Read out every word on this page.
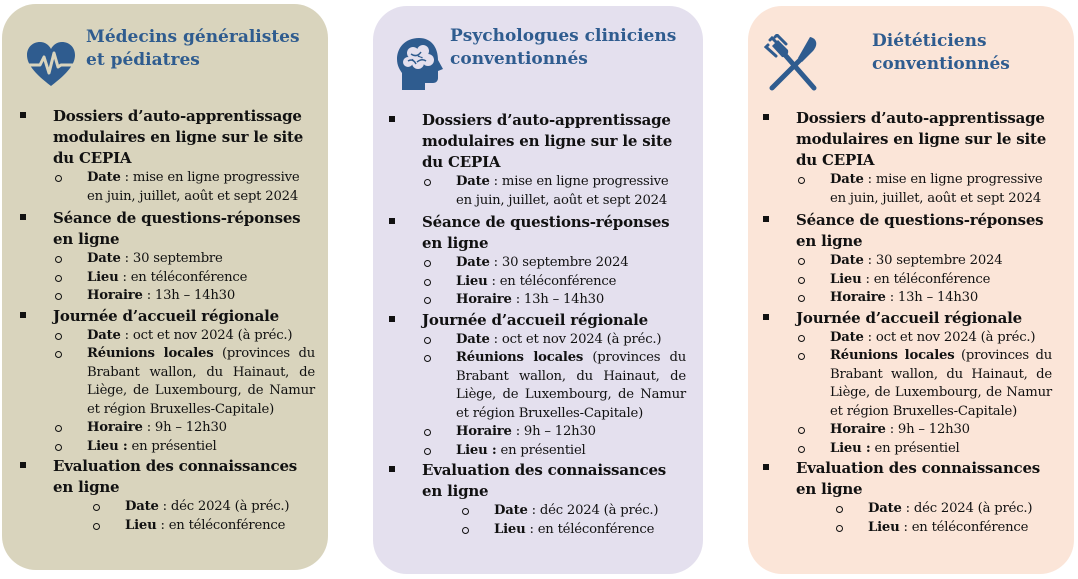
Médecins généralistes
et pédiatres
Dossiers d’auto-apprentissage modulaires en ligne sur le site du CEPIA
Date : mise en ligne progressive en juin, juillet, août et sept 2024
Séance de questions-réponses en ligne
Date : 30 septembre
Lieu : en téléconférence
Horaire : 13h – 14h30
Journée d’accueil régionale
Date : oct et nov 2024 (à préc.)
Réunions locales (provinces du Brabant wallon, du Hainaut, de Liège, de Luxembourg, de Namur et région Bruxelles-Capitale)
Horaire : 9h – 12h30
Lieu : en présentiel
Evaluation des connaissances en ligne
Date : déc 2024 (à préc.)
Lieu : en téléconférence
Psychologues cliniciens
conventionnés
Dossiers d’auto-apprentissage modulaires en ligne sur le site du CEPIA
Date : mise en ligne progressive en juin, juillet, août et sept 2024
Séance de questions-réponses en ligne
Date : 30 septembre 2024
Lieu : en téléconférence
Horaire : 13h – 14h30
Journée d’accueil régionale
Date : oct et nov 2024 (à préc.)
Réunions locales (provinces du Brabant wallon, du Hainaut, de Liège, de Luxembourg, de Namur et région Bruxelles-Capitale)
Horaire : 9h – 12h30
Lieu : en présentiel
Evaluation des connaissances en ligne
Date : déc 2024 (à préc.)
Lieu : en téléconférence
Diététiciens
conventionnés
Dossiers d’auto-apprentissage modulaires en ligne sur le site du CEPIA
Date : mise en ligne progressive en juin, juillet, août et sept 2024
Séance de questions-réponses en ligne
Date : 30 septembre 2024
Lieu : en téléconférence
Horaire : 13h – 14h30
Journée d’accueil régionale
Date : oct et nov 2024 (à préc.)
Réunions locales (provinces du Brabant wallon, du Hainaut, de Liège, de Luxembourg, de Namur et région Bruxelles-Capitale)
Horaire : 9h – 12h30
Lieu : en présentiel
Evaluation des connaissances en ligne
Date : déc 2024 (à préc.)
Lieu : en téléconférence
